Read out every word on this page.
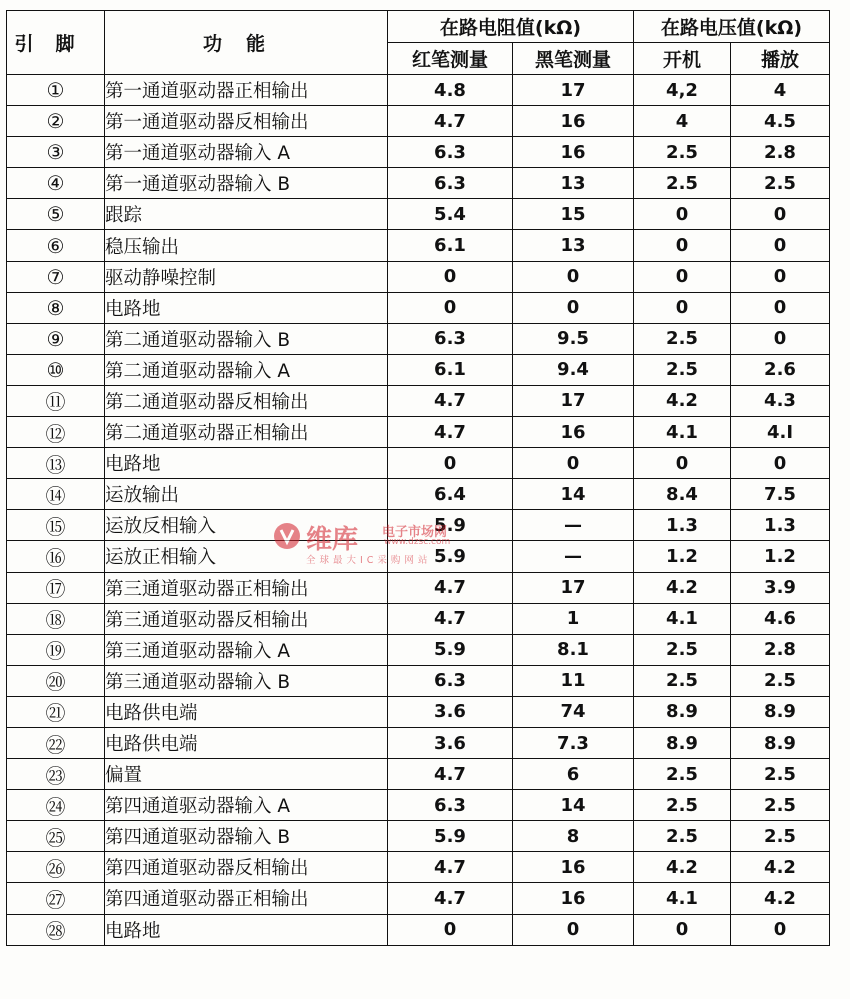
引脚	功能	在路电阻值(kΩ)		在路电压值(kΩ)	
		红笔测量	黑笔测量	开机	播放
①	第一通道驱动器正相输出	4.8	17	4,2	4
②	第一通道驱动器反相输出	4.7	16	4	4.5
③	第一通道驱动器输入 A	6.3	16	2.5	2.8
④	第一通道驱动器输入 B	6.3	13	2.5	2.5
⑤	跟踪	5.4	15	0	0
⑥	稳压输出	6.1	13	0	0
⑦	驱动静噪控制	0	0	0	0
⑧	电路地	0	0	0	0
⑨	第二通道驱动器输入 B	6.3	9.5	2.5	0
⑩	第二通道驱动器输入 A	6.1	9.4	2.5	2.6
⑪	第二通道驱动器反相输出	4.7	17	4.2	4.3
⑫	第二通道驱动器正相输出	4.7	16	4.1	4.I
⑬	电路地	0	0	0	0
⑭	运放输出	6.4	14	8.4	7.5
⑮	运放反相输入	5.9	—	1.3	1.3
⑯	运放正相输入	5.9	—	1.2	1.2
⑰	第三通道驱动器正相输出	4.7	17	4.2	3.9
⑱	第三通道驱动器反相输出	4.7	1	4.1	4.6
⑲	第三通道驱动器输入 A	5.9	8.1	2.5	2.8
⑳	第三通道驱动器输入 B	6.3	11	2.5	2.5
㉑	电路供电端	3.6	74	8.9	8.9
㉒	电路供电端	3.6	7.3	8.9	8.9
㉓	偏置	4.7	6	2.5	2.5
㉔	第四通道驱动器输入 A	6.3	14	2.5	2.5
㉕	第四通道驱动器输入 B	5.9	8	2.5	2.5
㉖	第四通道驱动器反相输出	4.7	16	4.2	4.2
㉗	第四通道驱动器正相输出	4.7	16	4.1	4.2
㉘	电路地	0	0	0	0
维库 电子市场网
www.dzsc.com
全球最大IC采购网站
